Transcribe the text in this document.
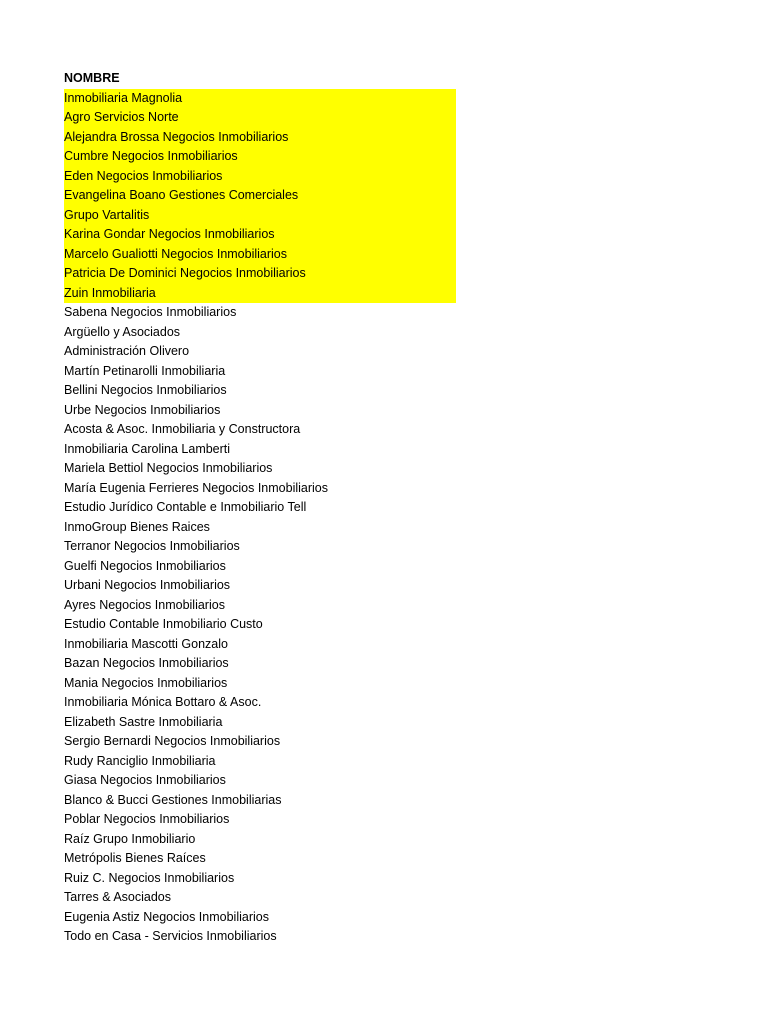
NOMBRE
Inmobiliaria Magnolia
Agro Servicios Norte
Alejandra Brossa Negocios Inmobiliarios
Cumbre Negocios Inmobiliarios
Eden Negocios Inmobiliarios
Evangelina Boano Gestiones Comerciales
Grupo Vartalitis
Karina Gondar Negocios Inmobiliarios
Marcelo Gualiotti Negocios Inmobiliarios
Patricia De Dominici Negocios Inmobiliarios
Zuin Inmobiliaria
Sabena Negocios Inmobiliarios
Argüello y Asociados
Administración Olivero
Martín Petinarolli Inmobiliaria
Bellini Negocios Inmobiliarios
Urbe Negocios Inmobiliarios
Acosta & Asoc. Inmobiliaria y Constructora
Inmobiliaria Carolina Lamberti
Mariela Bettiol Negocios Inmobiliarios
María Eugenia Ferrieres Negocios Inmobiliarios
Estudio Jurídico Contable e Inmobiliario Tell
InmoGroup Bienes Raices
Terranor Negocios Inmobiliarios
Guelfi Negocios Inmobiliarios
Urbani Negocios Inmobiliarios
Ayres Negocios Inmobiliarios
Estudio Contable Inmobiliario Custo
Inmobiliaria Mascotti Gonzalo
Bazan Negocios Inmobiliarios
Mania Negocios Inmobiliarios
Inmobiliaria Mónica Bottaro & Asoc.
Elizabeth Sastre Inmobiliaria
Sergio Bernardi Negocios Inmobiliarios
Rudy Ranciglio Inmobiliaria
Giasa Negocios Inmobiliarios
Blanco & Bucci Gestiones Inmobiliarias
Poblar Negocios Inmobiliarios
Raíz Grupo Inmobiliario
Metrópolis Bienes Raíces
Ruiz C. Negocios Inmobiliarios
Tarres & Asociados
Eugenia Astiz Negocios Inmobiliarios
Todo en Casa - Servicios Inmobiliarios
